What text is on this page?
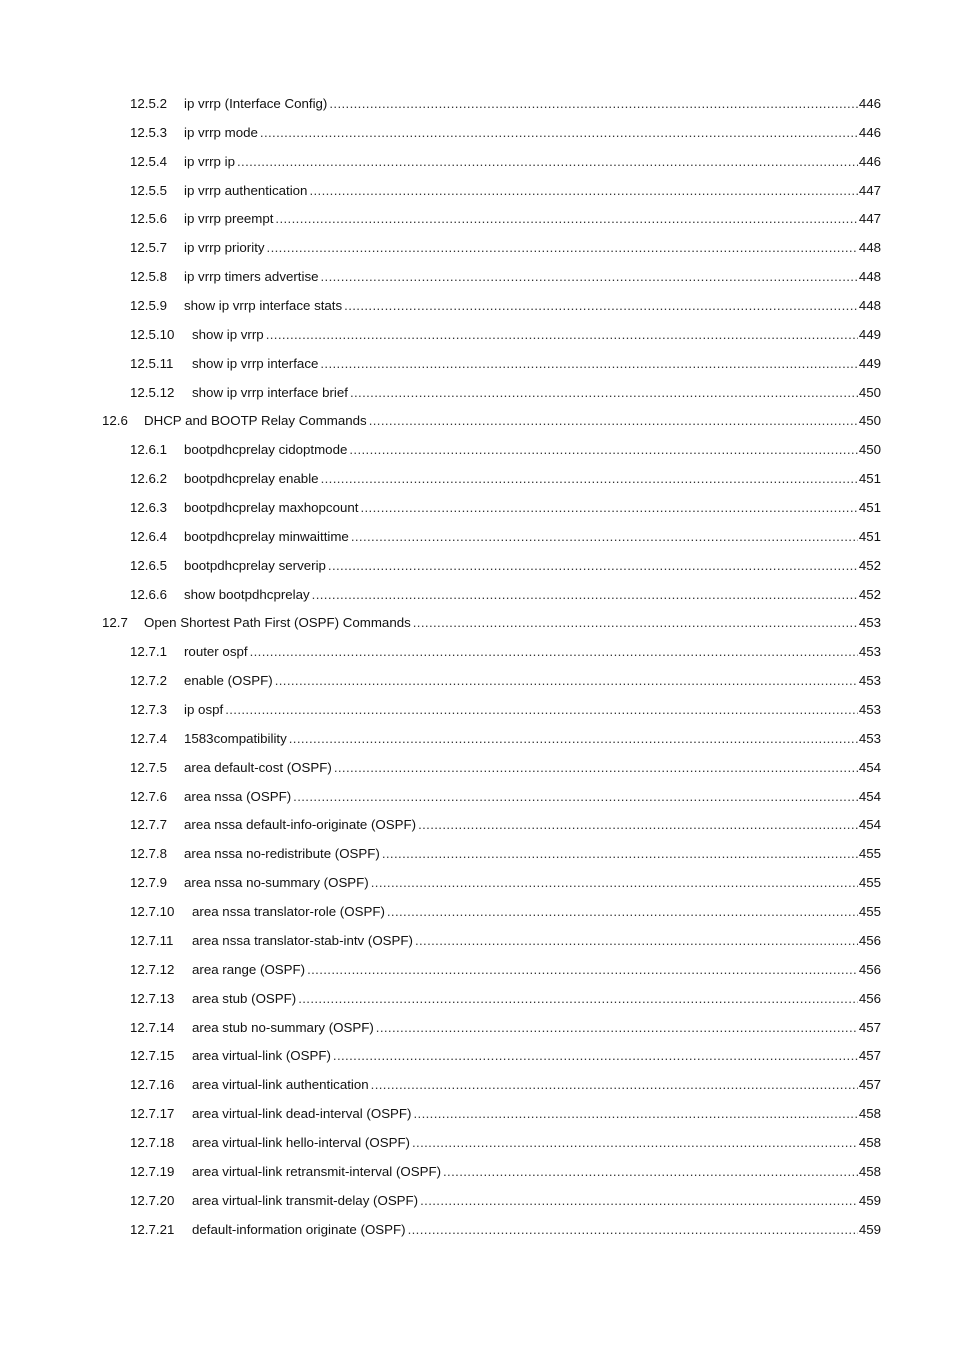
12.5.2	ip vrrp (Interface Config) .....	446
12.5.3	ip vrrp mode .....	446
12.5.4	ip vrrp ip .....	446
12.5.5	ip vrrp authentication .....	447
12.5.6	ip vrrp preempt .....	447
12.5.7	ip vrrp priority .....	448
12.5.8	ip vrrp timers advertise .....	448
12.5.9	show ip vrrp interface stats .....	448
12.5.10	show ip vrrp .....	449
12.5.11	show ip vrrp interface .....	449
12.5.12	show ip vrrp interface brief .....	450
12.6	DHCP and BOOTP Relay Commands .....	450
12.6.1	bootpdhcprelay cidoptmode .....	450
12.6.2	bootpdhcprelay enable .....	451
12.6.3	bootpdhcprelay maxhopcount .....	451
12.6.4	bootpdhcprelay minwaittime .....	451
12.6.5	bootpdhcprelay serverip .....	452
12.6.6	show bootpdhcprelay .....	452
12.7	Open Shortest Path First (OSPF) Commands .....	453
12.7.1	router ospf .....	453
12.7.2	enable (OSPF) .....	453
12.7.3	ip ospf .....	453
12.7.4	1583compatibility .....	453
12.7.5	area default-cost (OSPF) .....	454
12.7.6	area nssa (OSPF) .....	454
12.7.7	area nssa default-info-originate (OSPF) .....	454
12.7.8	area nssa no-redistribute (OSPF) .....	455
12.7.9	area nssa no-summary (OSPF) .....	455
12.7.10	area nssa translator-role (OSPF) .....	455
12.7.11	area nssa translator-stab-intv (OSPF) .....	456
12.7.12	area range (OSPF) .....	456
12.7.13	area stub (OSPF) .....	456
12.7.14	area stub no-summary (OSPF) .....	457
12.7.15	area virtual-link (OSPF) .....	457
12.7.16	area virtual-link authentication .....	457
12.7.17	area virtual-link dead-interval (OSPF) .....	458
12.7.18	area virtual-link hello-interval (OSPF) .....	458
12.7.19	area virtual-link retransmit-interval (OSPF) .....	458
12.7.20	area virtual-link transmit-delay (OSPF) .....	459
12.7.21	default-information originate (OSPF) .....	459
